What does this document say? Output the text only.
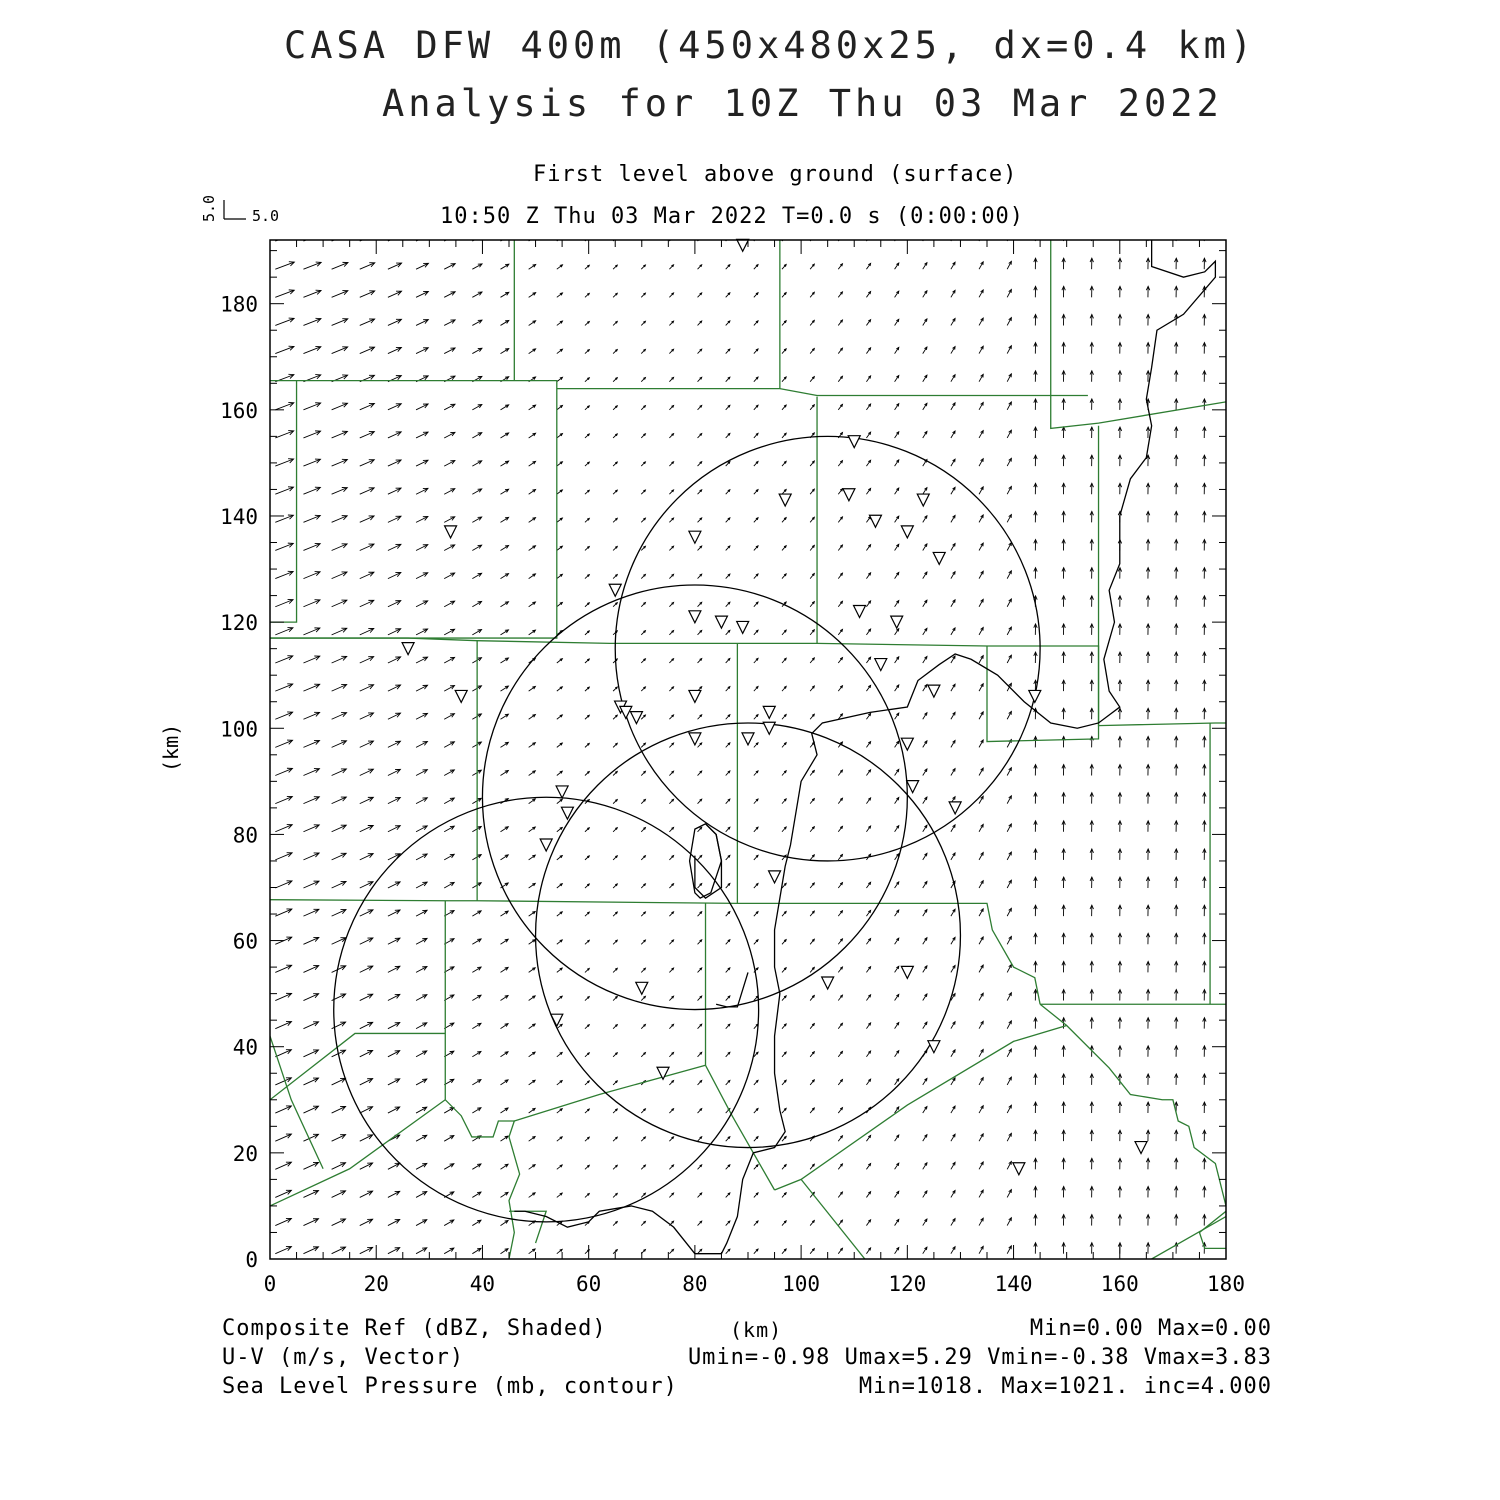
CASA DFW 400m (450x480x25, dx=0.4 km)
Analysis for 10Z Thu 03 Mar 2022
First level above ground (surface)
10:50 Z Thu 03 Mar 2022 T=0.0 s (0:00:00)
0	20	40	60	80	100	120	140	160	180
0
20
40
60
80
100
120
140
160
180
5.0 5.0
(km)
Composite Ref (dBZ, Shaded)
U-V (m/s, Vector)
Sea Level Pressure (mb, contour)
(km)	Min=0.00 Max=0.00
Umin=-0.98 Umax=5.29 Vmin=-0.38 Vmax=3.83
Min=1018. Max=1021. inc=4.000
